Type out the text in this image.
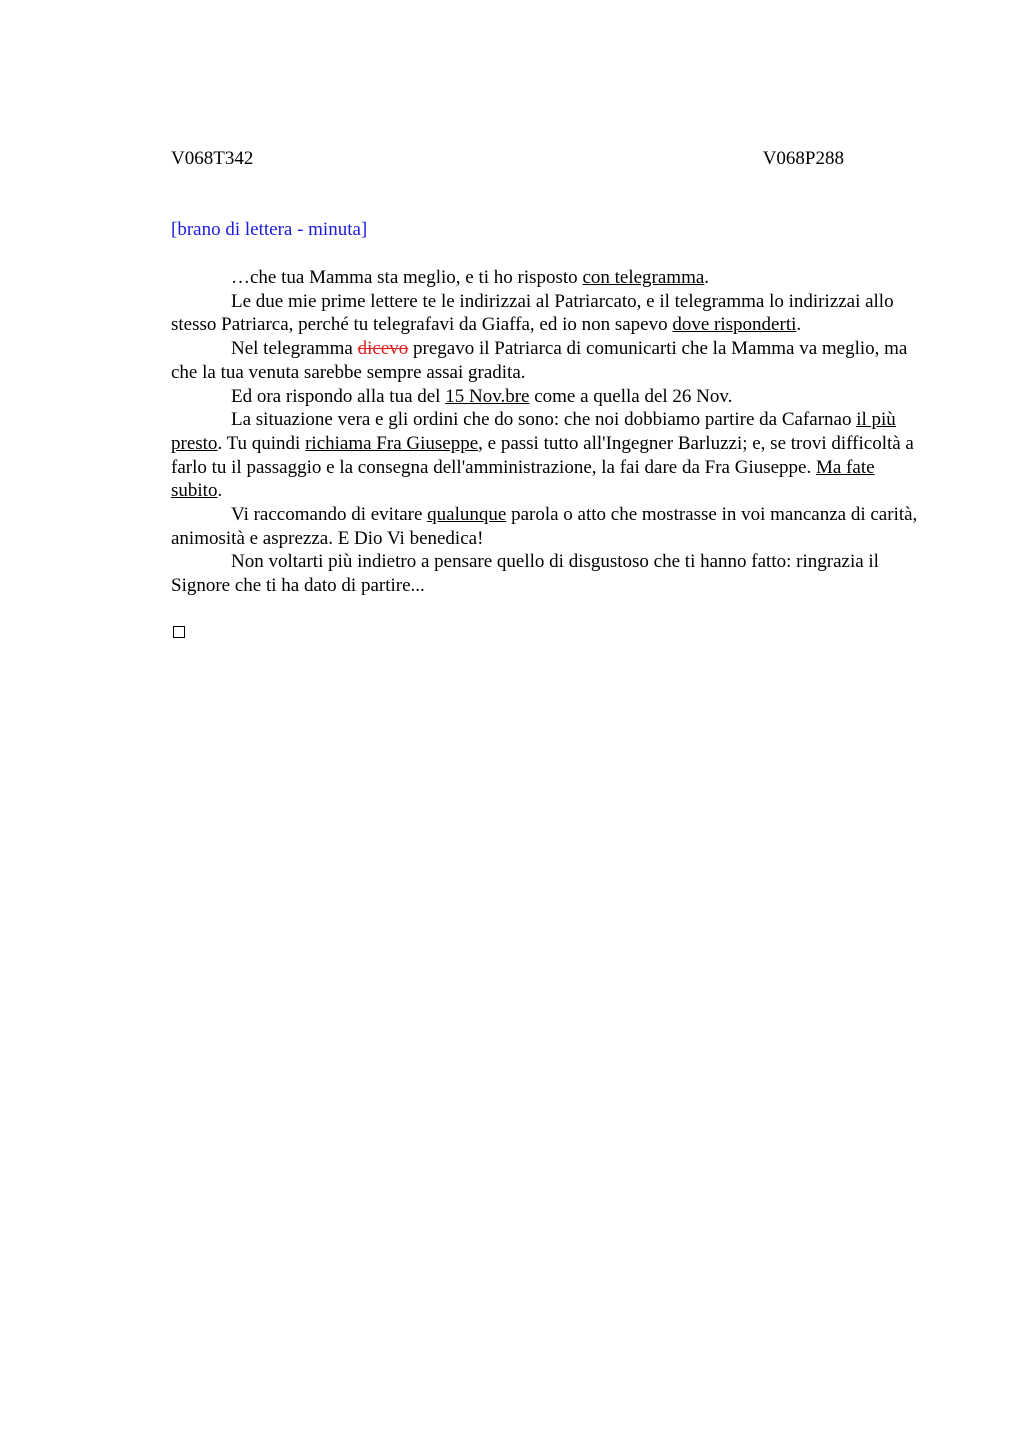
V068T342	V068P288
[brano di lettera - minuta]

…che tua Mamma sta meglio, e ti ho risposto con telegramma.

Le due mie prime lettere te le indirizzai al Patriarcato, e il telegramma lo indirizzai allo stesso Patriarca, perché tu telegrafavi da Giaffa, ed io non sapevo dove risponderti.

Nel telegramma dicevo pregavo il Patriarca di comunicarti che la Mamma va meglio, ma che la tua venuta sarebbe sempre assai gradita.

Ed ora rispondo alla tua del 15 Nov.bre come a quella del 26 Nov.

La situazione vera e gli ordini che do sono: che noi dobbiamo partire da Cafarnao il più presto. Tu quindi richiama Fra Giuseppe, e passi tutto all'Ingegner Barluzzi; e, se trovi difficoltà a farlo tu il passaggio e la consegna dell'amministrazione, la fai dare da Fra Giuseppe. Ma fate subito.

Vi raccomando di evitare qualunque parola o atto che mostrasse in voi mancanza di carità, animosità e asprezza. E Dio Vi benedica!

Non voltarti più indietro a pensare quello di disgustoso che ti hanno fatto: ringrazia il Signore che ti ha dato di partire...
